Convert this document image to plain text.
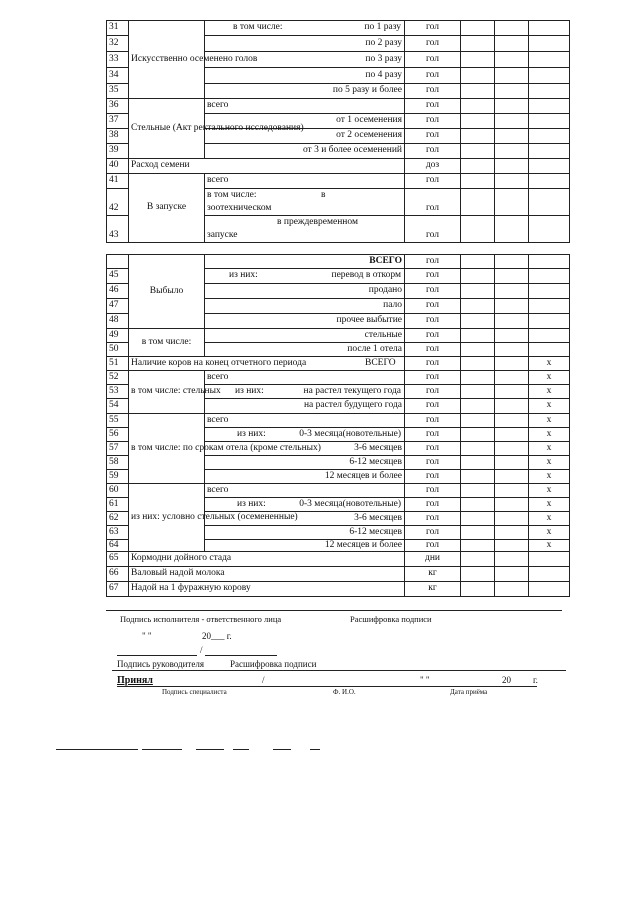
31	Искусственно осеменено голов	в том числе: по 1 разу	гол			
32		по 2 разу	гол			
33		по 3 разу	гол			
34		по 4 разу	гол			
35		по 5 разу и более	гол			
36	Стельные (Акт ректального исследования)	всего	гол			
37		от 1 осеменения	гол			
38		от 2 осеменения	гол			
39		от 3 и более осеменений	гол			
40	Расход семени		доз			
41	В запуске	всего	гол			
42		в том числе: в
зоотехническом	гол			
43		в преждевременном
запуске	гол			
	Выбыло	ВСЕГО	гол			
45		из них: перевод в откорм	гол			
46		продано	гол			
47		пало	гол			
48		прочее выбытие	гол			
49	в том числе:	стельные	гол			
50		после 1 отела	гол			
51	Наличие коров на конец отчетного периода ВСЕГО		гол			х
52	в том числе: стельных	всего	гол			х
53		из них: на растел текущего года	гол			х
54		на растел будущего года	гол			х
55	в том числе: по срокам отела (кроме стельных)	всего	гол			х
56		из них: 0-3 месяца(новотельные)	гол			х
57		3-6 месяцев	гол			х
58		6-12 месяцев	гол			х
59		12 месяцев и более	гол			х
60	из них: условно стельных (осемененные)	всего	гол			х
61		из них: 0-3 месяца(новотельные)	гол			х
62		3-6 месяцев	гол			х
63		6-12 месяцев	гол			х
64		12 месяцев и более	гол			х
65	Кормодни дойного стада		дни			
66	Валовый надой молока		кг			
67	Надой на 1 фуражную корову		кг			
Подпись исполнителя - ответственного лица	Расшифровка подписи
" "	20___ г.
/
Подпись руководителя	Расшифровка подписи
Принял	/	" "	20 г.
Подпись специалиста	Ф. И.О.	Дата приёма
